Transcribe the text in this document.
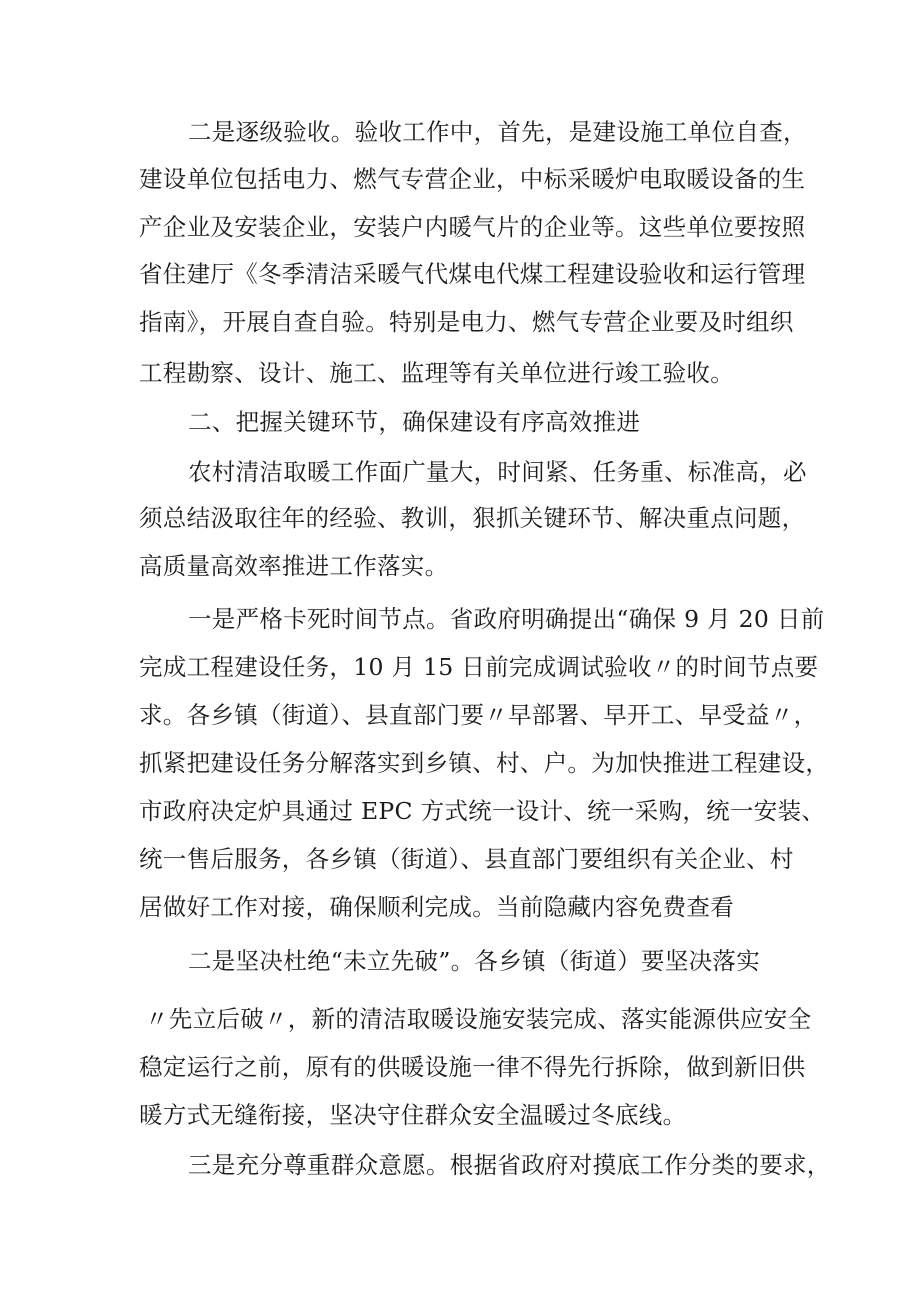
二是逐级验收。验收工作中，首先，是建设施工单位自查，
建设单位包括电力、燃气专营企业，中标采暖炉电取暖设备的生
产企业及安装企业，安装户内暖气片的企业等。这些单位要按照
省住建厅《冬季清洁采暖气代煤电代煤工程建设验收和运行管理
指南》，开展自查自验。特别是电力、燃气专营企业要及时组织
工程勘察、设计、施工、监理等有关单位进行竣工验收。
二、把握关键环节，确保建设有序高效推进
农村清洁取暖工作面广量大，时间紧、任务重、标准高，必
须总结汲取往年的经验、教训，狠抓关键环节、解决重点问题，
高质量高效率推进工作落实。
一是严格卡死时间节点。省政府明确提出“确保 9 月 20 日前
完成工程建设任务，10 月 15 日前完成调试验收〃的时间节点要
求。各乡镇（街道）、县直部门要〃早部署、早开工、早受益〃，
抓紧把建设任务分解落实到乡镇、村、户。为加快推进工程建设，
市政府决定炉具通过 EPC 方式统一设计、统一采购，统一安装、
统一售后服务，各乡镇（街道）、县直部门要组织有关企业、村
居做好工作对接，确保顺利完成。当前隐藏内容免费查看
二是坚决杜绝“未立先破”。各乡镇（街道）要坚决落实
〃先立后破〃，新的清洁取暖设施安装完成、落实能源供应安全
稳定运行之前，原有的供暖设施一律不得先行拆除，做到新旧供
暖方式无缝衔接，坚决守住群众安全温暖过冬底线。
三是充分尊重群众意愿。根据省政府对摸底工作分类的要求，
